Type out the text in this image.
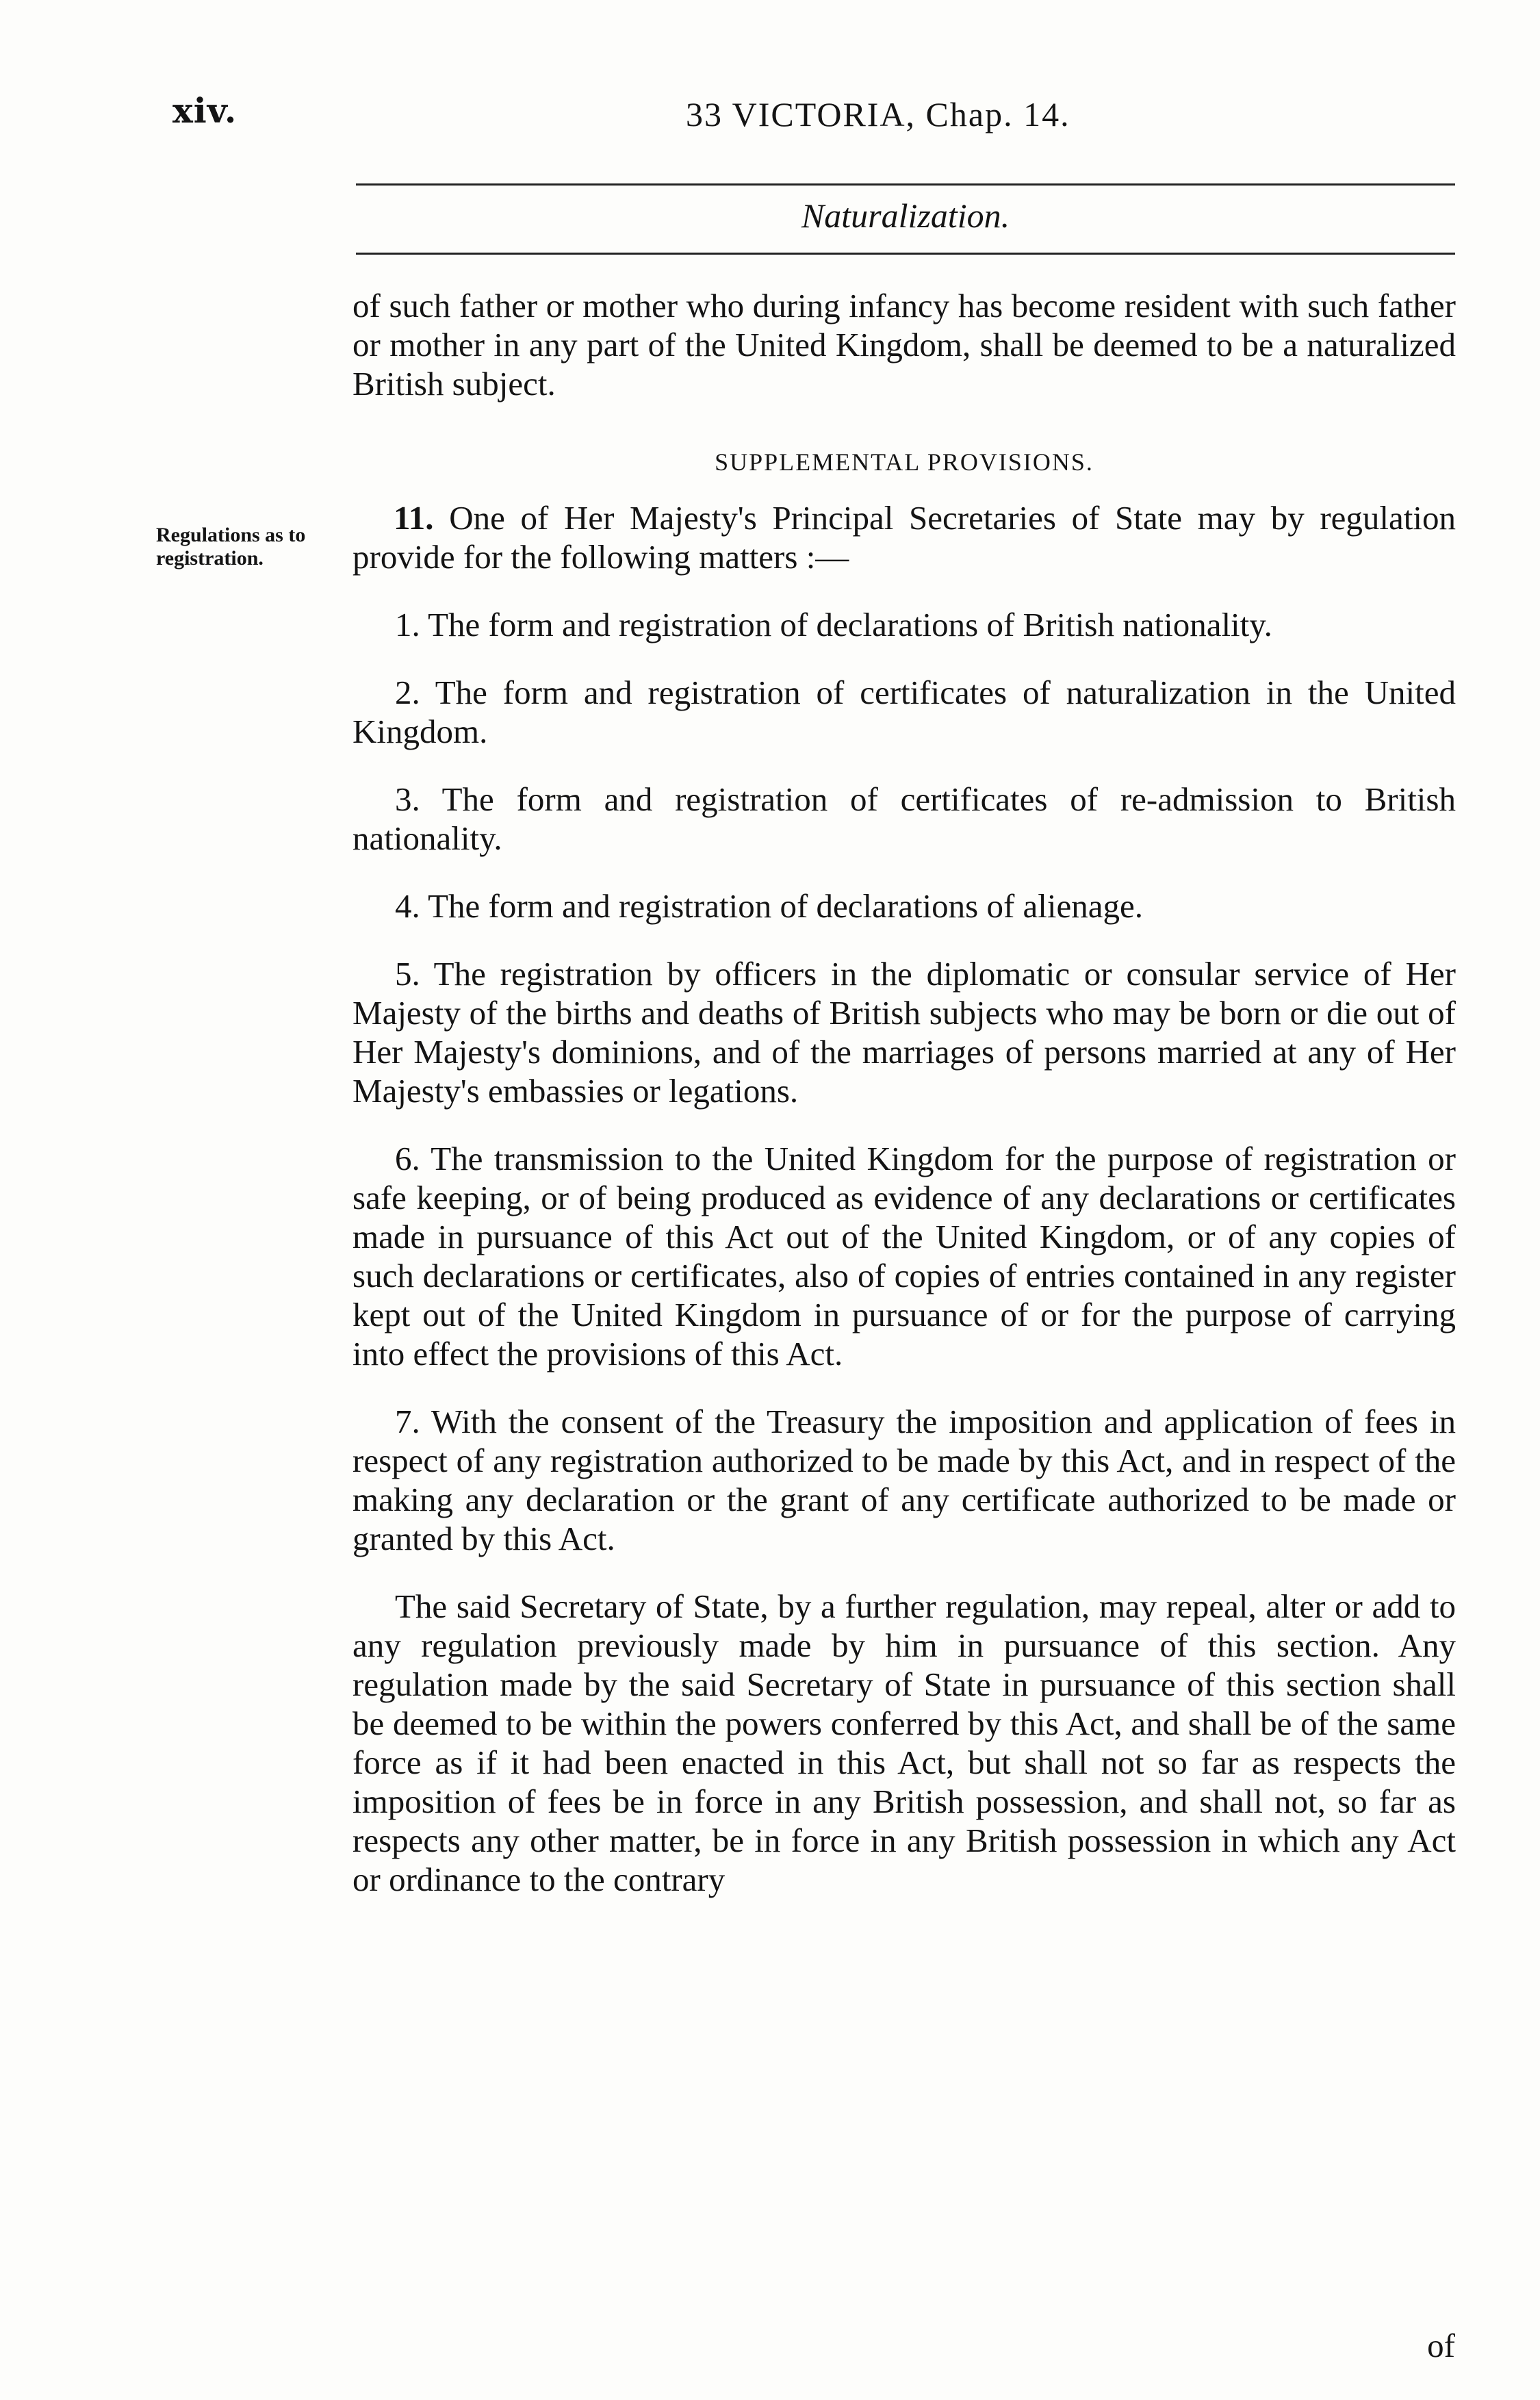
xiv.	33 VICTORIA, Chap. 14.
Naturalization.

Regulations as to registration.

of such father or mother who during infancy has become resident with such father or mother in any part of the United Kingdom, shall be deemed to be a naturalized British subject.

SUPPLEMENTAL PROVISIONS.

11. One of Her Majesty's Principal Secretaries of State may by regulation provide for the following matters :—

1. The form and registration of declarations of British nationality.

2. The form and registration of certificates of naturalization in the United Kingdom.

3. The form and registration of certificates of re-admission to British nationality.

4. The form and registration of declarations of alienage.

5. The registration by officers in the diplomatic or consular service of Her Majesty of the births and deaths of British subjects who may be born or die out of Her Majesty's dominions, and of the marriages of persons married at any of Her Majesty's embassies or legations.

6. The transmission to the United Kingdom for the purpose of registration or safe keeping, or of being produced as evidence of any declarations or certificates made in pursuance of this Act out of the United Kingdom, or of any copies of such declarations or certificates, also of copies of entries contained in any register kept out of the United Kingdom in pursuance of or for the purpose of carrying into effect the provisions of this Act.

7. With the consent of the Treasury the imposition and application of fees in respect of any registration authorized to be made by this Act, and in respect of the making any declaration or the grant of any certificate authorized to be made or granted by this Act.

The said Secretary of State, by a further regulation, may repeal, alter or add to any regulation previously made by him in pursuance of this section. Any regulation made by the said Secretary of State in pursuance of this section shall be deemed to be within the powers conferred by this Act, and shall be of the same force as if it had been enacted in this Act, but shall not so far as respects the imposition of fees be in force in any British possession, and shall not, so far as respects any other matter, be in force in any British possession in which any Act or ordinance to the contrary

of
